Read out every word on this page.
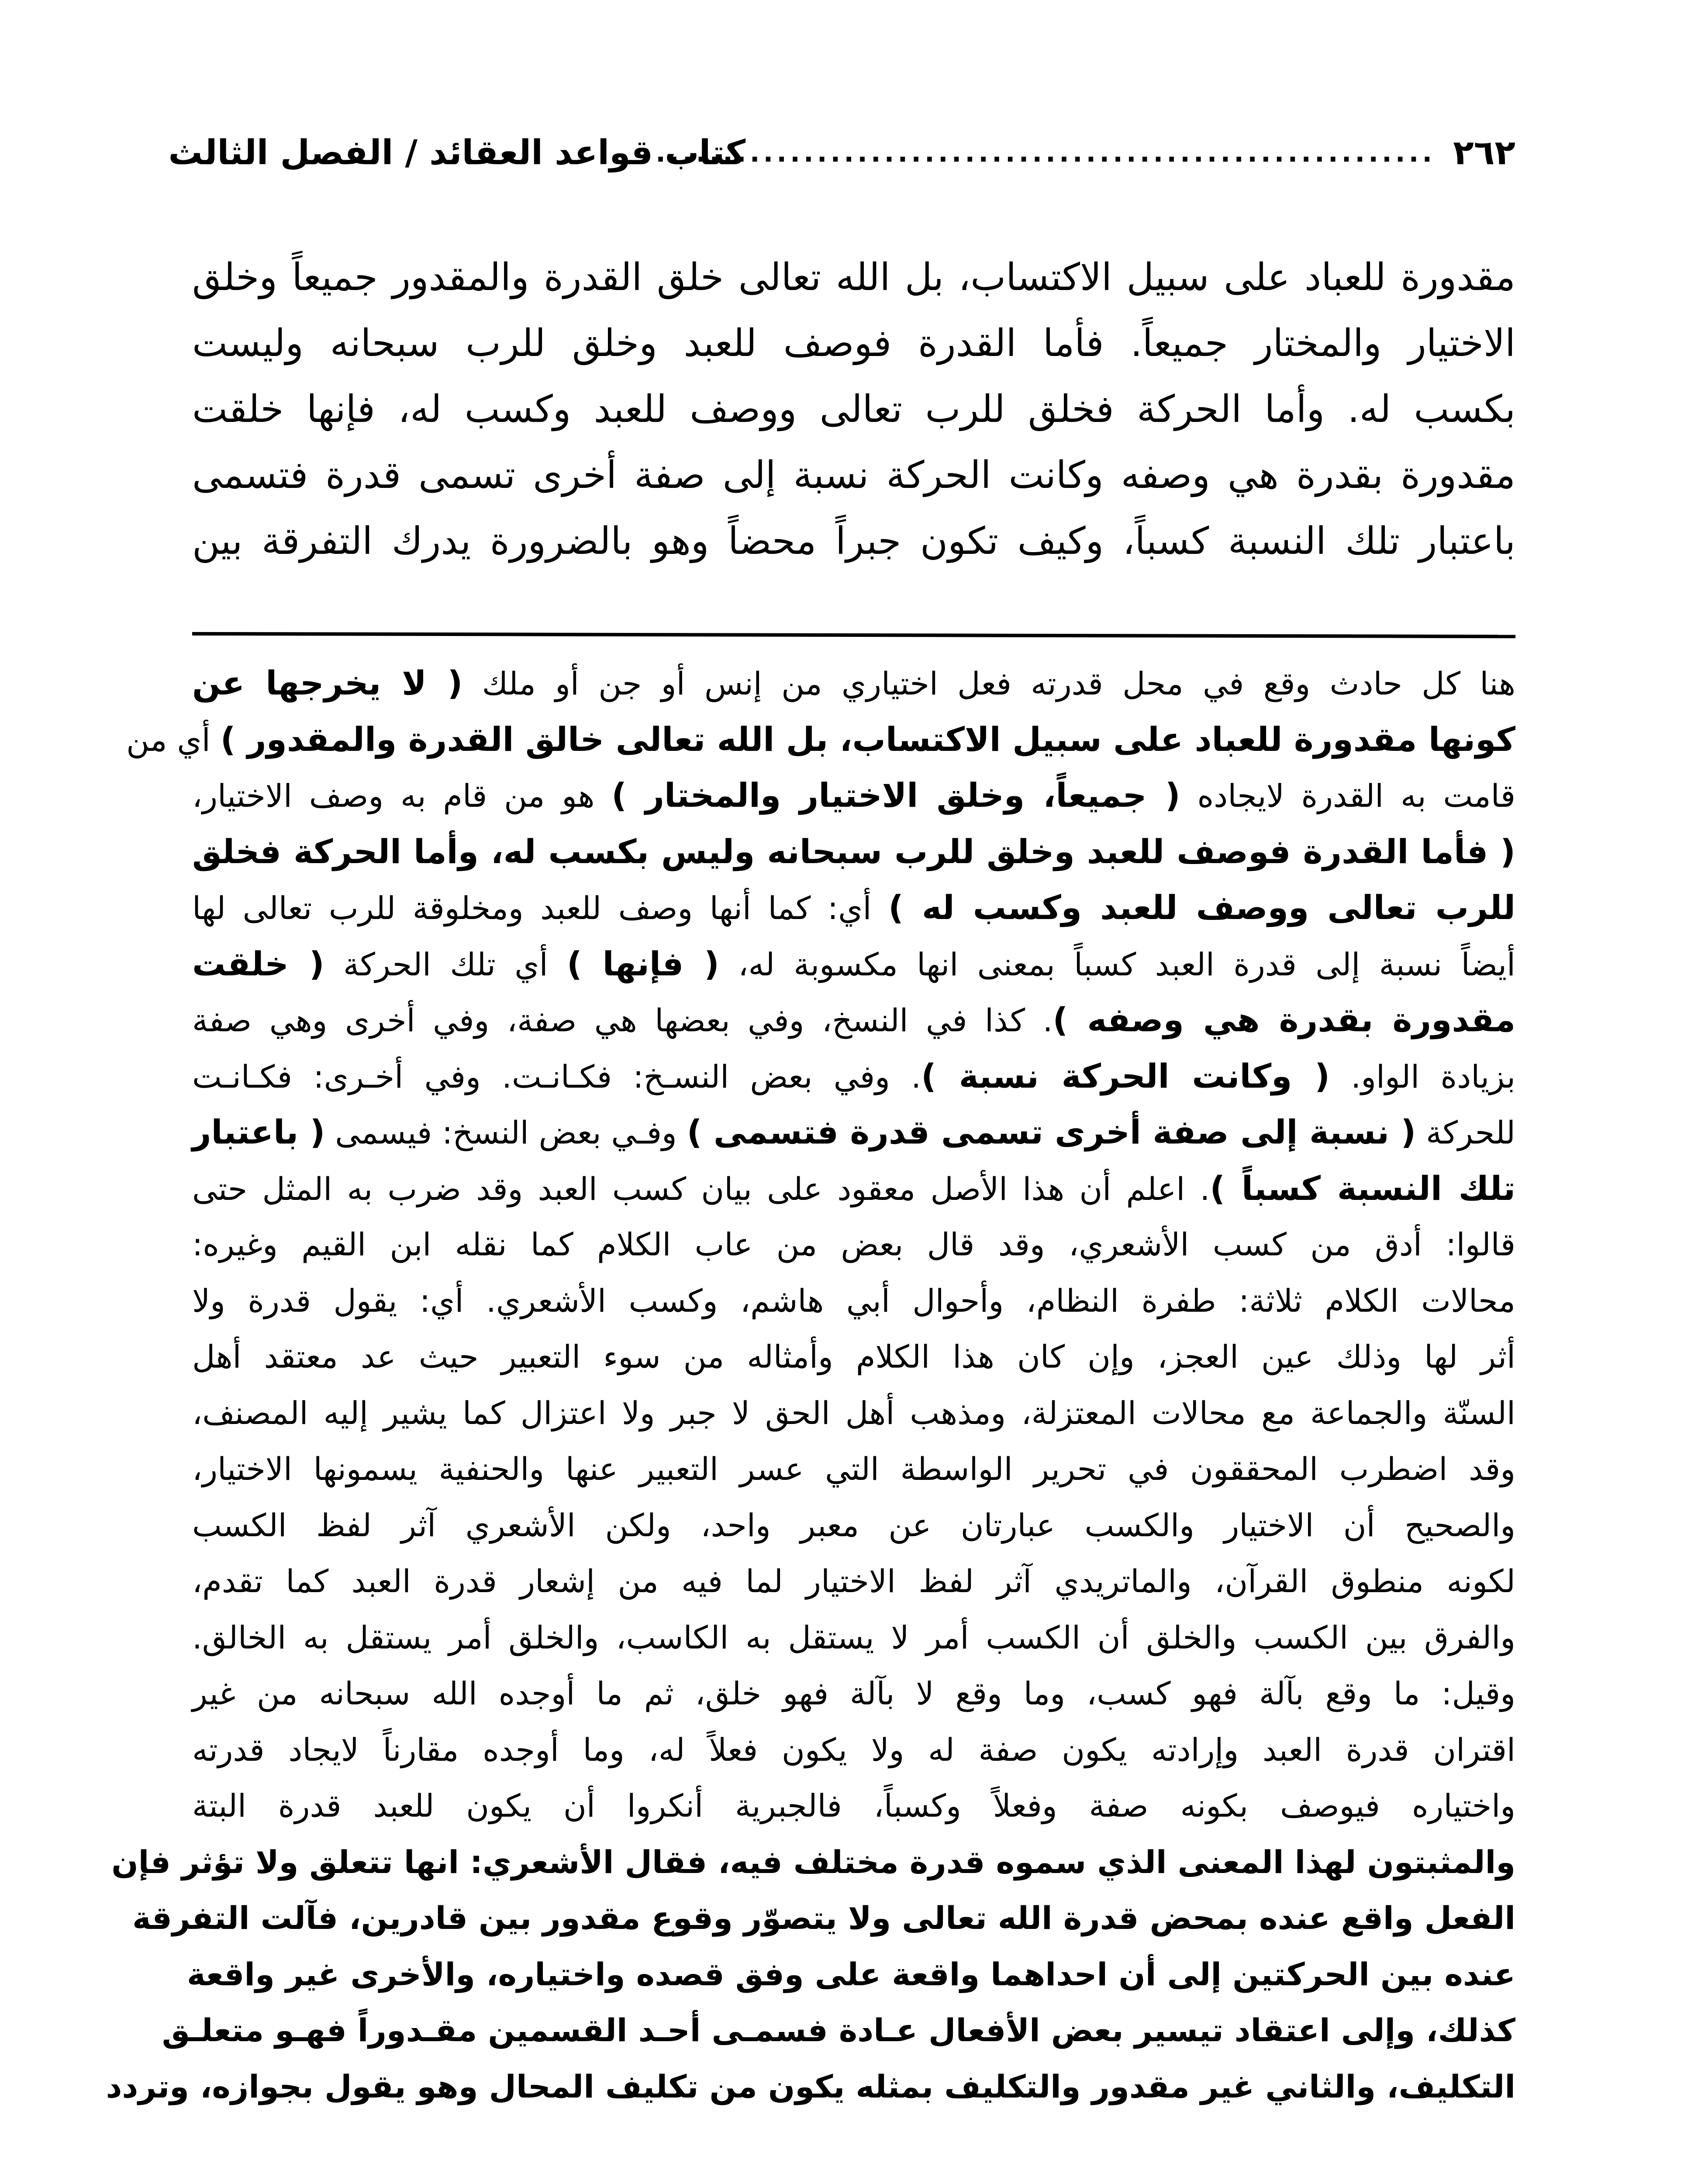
٢٦٢
..........................................................
كتاب قواعد العقائد / الفصل الثالث
مقدورة للعباد على سبيل الاكتساب، بل الله تعالى خلق القدرة والمقدور جميعاً وخلق
الاختيار والمختار جميعاً. فأما القدرة فوصف للعبد وخلق للرب سبحانه وليست
بكسب له. وأما الحركة فخلق للرب تعالى ووصف للعبد وكسب له، فإنها خلقت
مقدورة بقدرة هي وصفه وكانت الحركة نسبة إلى صفة أخرى تسمى قدرة فتسمى
باعتبار تلك النسبة كسباً، وكيف تكون جبراً محضاً وهو بالضرورة يدرك التفرقة بين
هنا كل حادث وقع في محل قدرته فعل اختياري من إنس أو جن أو ملك ( لا يخرجها عن
كونها مقدورة للعباد على سبيل الاكتساب، بل الله تعالى خالق القدرة والمقدور ) أي من
قامت به القدرة لايجاده ( جميعاً، وخلق الاختيار والمختار ) هو من قام به وصف الاختيار،
( فأما القدرة فوصف للعبد وخلق للرب سبحانه وليس بكسب له، وأما الحركة فخلق
للرب تعالى ووصف للعبد وكسب له ) أي: كما أنها وصف للعبد ومخلوقة للرب تعالى لها
أيضاً نسبة إلى قدرة العبد كسباً بمعنى انها مكسوبة له، ( فإنها ) أي تلك الحركة ( خلقت
مقدورة بقدرة هي وصفه ). كذا في النسخ، وفي بعضها هي صفة، وفي أخرى وهي صفة
بزيادة الواو. ( وكانت الحركة نسبة ). وفي بعض النسـخ: فكـانـت. وفي أخـرى: فكـانـت
للحركة ( نسبة إلى صفة أخرى تسمى قدرة فتسمى ) وفـي بعض النسخ: فيسمى ( باعتبار
تلك النسبة كسباً ). اعلم أن هذا الأصل معقود على بيان كسب العبد وقد ضرب به المثل حتى
قالوا: أدق من كسب الأشعري، وقد قال بعض من عاب الكلام كما نقله ابن القيم وغيره:
محالات الكلام ثلاثة: طفرة النظام، وأحوال أبي هاشم، وكسب الأشعري. أي: يقول قدرة ولا
أثر لها وذلك عين العجز، وإن كان هذا الكلام وأمثاله من سوء التعبير حيث عد معتقد أهل
السنّة والجماعة مع محالات المعتزلة، ومذهب أهل الحق لا جبر ولا اعتزال كما يشير إليه المصنف،
وقد اضطرب المحققون في تحرير الواسطة التي عسر التعبير عنها والحنفية يسمونها الاختيار،
والصحيح أن الاختيار والكسب عبارتان عن معبر واحد، ولكن الأشعري آثر لفظ الكسب
لكونه منطوق القرآن، والماتريدي آثر لفظ الاختيار لما فيه من إشعار قدرة العبد كما تقدم،
والفرق بين الكسب والخلق أن الكسب أمر لا يستقل به الكاسب، والخلق أمر يستقل به الخالق.
وقيل: ما وقع بآلة فهو كسب، وما وقع لا بآلة فهو خلق، ثم ما أوجده الله سبحانه من غير
اقتران قدرة العبد وإرادته يكون صفة له ولا يكون فعلاً له، وما أوجده مقارناً لايجاد قدرته
واختياره فيوصف بكونه صفة وفعلاً وكسباً، فالجبرية أنكروا أن يكون للعبد قدرة البتة
والمثبتون لهذا المعنى الذي سموه قدرة مختلف فيه، فقال الأشعري: انها تتعلق ولا تؤثر فإن
الفعل واقع عنده بمحض قدرة الله تعالى ولا يتصوّر وقوع مقدور بين قادرين، فآلت التفرقة
عنده بين الحركتين إلى أن احداهما واقعة على وفق قصده واختياره، والأخرى غير واقعة
كذلك، وإلى اعتقاد تيسير بعض الأفعال عـادة فسمـى أحـد القسمين مقـدوراً فهـو متعلـق
التكليف، والثاني غير مقدور والتكليف بمثله يكون من تكليف المحال وهو يقول بجوازه، وتردد
